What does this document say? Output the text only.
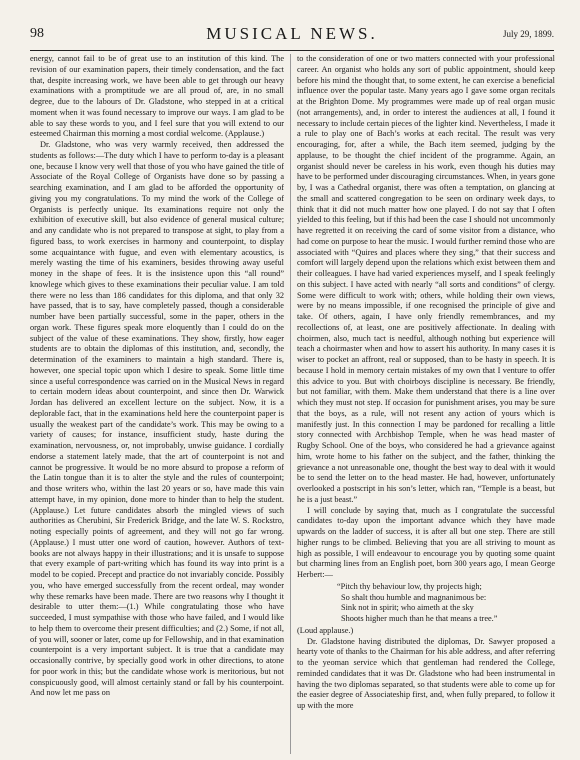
98	MUSICAL NEWS.	July 29, 1899.

energy, cannot fail to be of great use to an institution of this kind. The revision of our examination papers, their timely condensation, and the fact that, despite increasing work, we have been able to get through our heavy examinations with a promptitude we are all proud of, are, in no small degree, due to the labours of Dr. Gladstone, who stepped in at a critical moment when it was found necessary to improve our ways. I am glad to be able to say these words to you, and I feel sure that you will extend to our esteemed Chairman this morning a most cordial welcome. (Applause.)

Dr. Gladstone, who was very warmly received, then addressed the students as follows:—The duty which I have to perform to-day is a pleasant one, because I know very well that those of you who have gained the title of Associate of the Royal College of Organists have done so by passing a searching examination, and I am glad to be afforded the opportunity of giving you my congratulations. To my mind the work of the College of Organists is perfectly unique. Its examinations require not only the exhibition of executive skill, but also evidence of general musical culture; and any candidate who is not prepared to transpose at sight, to play from a figured bass, to work exercises in harmony and counterpoint, to display some acquaintance with fugue, and even with elementary acoustics, is merely wasting the time of his examiners, besides throwing away useful money in the shape of fees. It is the insistence upon this “all round” knowlege which gives to these examinations their peculiar value. I am told there were no less than 186 candidates for this diploma, and that only 32 have passed, that is to say, have completely passed, though a considerable number have been partially successful, some in the paper, others in the organ work. These figures speak more eloquently than I could do on the subject of the value of these examinations. They show, firstly, how eager students are to obtain the diplomas of this institution, and, secondly, the determination of the examiners to maintain a high standard. There is, however, one special topic upon which I desire to speak. Some little time since a useful correspondence was carried on in the Musical News in regard to certain modern ideas about counterpoint, and since then Dr. Warwick Jordan has delivered an excellent lecture on the subject. Now, it is a deplorable fact, that in the examinations held here the counterpoint paper is usually the weakest part of the candidate’s work. This may be owing to a variety of causes; for instance, insufficient study, haste during the examination, nervousness, or, not improbably, unwise guidance. I cordially endorse a statement lately made, that the art of counterpoint is not and cannot be progressive. It would be no more absurd to propose a reform of the Latin tongue than it is to alter the style and the rules of counterpoint; and those writers who, within the last 20 years or so, have made this vain attempt have, in my opinion, done more to hinder than to help the student. (Applause.) Let future candidates absorb the mingled views of such authorities as Cherubini, Sir Frederick Bridge, and the late W. S. Rockstro, noting especially points of agreement, and they will not go far wrong. (Applause.) I must utter one word of caution, however. Authors of text-books are not always happy in their illustrations; and it is unsafe to suppose that every example of part-writing which has found its way into print is a model to be copied. Precept and practice do not invariably concide. Possibly you, who have emerged successfully from the recent ordeal, may wonder why these remarks have been made. There are two reasons why I thought it desirable to utter them:—(1.) While congratulating those who have succeeded, I must sympathise with those who have failed, and I would like to help them to overcome their present difficulties; and (2.) Some, if not all, of you will, sooner or later, come up for Fellowship, and in that examination counterpoint is a very important subject. It is true that a candidate may occasionally contrive, by specially good work in other directions, to atone for poor work in this; but the candidate whose work is meritorious, but not conspicuously good, will almost certainly stand or fall by his counterpoint. And now let me pass on

to the consideration of one or two matters connected with your professional career. An organist who holds any sort of public appointment, should keep before his mind the thought that, to some extent, he can exercise a beneficial influence over the popular taste. Many years ago I gave some organ recitals at the Brighton Dome. My programmes were made up of real organ music (not arrangements), and, in order to interest the audiences at all, I found it necessary to include certain pieces of the lighter kind. Nevertheless, I made it a rule to play one of Bach’s works at each recital. The result was very encouraging, for, after a while, the Bach item seemed, judging by the applause, to be thought the chief incident of the programme. Again, an organist should never be careless in his work, even though his duties may have to be performed under discouraging circumstances. When, in years gone by, I was a Cathedral organist, there was often a temptation, on glancing at the small and scattered congregation to be seen on ordinary week days, to think that it did not much matter how one played. I do not say that I often yielded to this feeling, but if this had been the case I should not uncommonly have regretted it on receiving the card of some visitor from a distance, who had come on purpose to hear the music. I would further remind those who are associated with “Quires and places where they sing,” that their success and comfort will largely depend upon the relations which exist between them and their colleagues. I have had varied experiences myself, and I speak feelingly on this subject. I have acted with nearly “all sorts and conditions” of clergy. Some were difficult to work with; others, while holding their own views, were by no means impossible, if one recognised the principle of give and take. Of others, again, I have only friendly remembrances, and my recollections of, at least, one are positively affectionate. In dealing with choirmen, also, much tact is needful, although nothing but experience will teach a choirmaster when and how to assert his authority. In many cases it is wiser to pocket an affront, real or supposed, than to be hasty in speech. It is because I hold in memory certain mistakes of my own that I venture to offer this advice to you. But with choirboys discipline is necessary. Be friendly, but not familiar, with them. Make them understand that there is a line over which they must not step. If occasion for punishment arises, you may be sure that the boys, as a rule, will not resent any action of yours which is manifestly just. In this connection I may be pardoned for recalling a little story connected with Archbishop Temple, when he was head master of Rugby School. One of the boys, who considered he had a grievance against him, wrote home to his father on the subject, and the father, thinking the grievance a not unreasonable one, thought the best way to deal with it would be to send the letter on to the head master. He had, however, unfortunately overlooked a postscript in his son’s letter, which ran, “Temple is a beast, but he is a just beast.”

I will conclude by saying that, much as I congratulate the successful candidates to-day upon the important advance which they have made upwards on the ladder of success, it is after all but one step. There are still higher rungs to be climbed. Believing that you are all striving to mount as high as possible, I will endeavour to encourage you by quoting some quaint but charming lines from an English poet, born 300 years ago, I mean George Herbert:—

“Pitch thy behaviour low, thy projects high;
So shalt thou humble and magnanimous be:
Sink not in spirit; who aimeth at the sky
Shoots higher much than he that means a tree.”

(Loud applause.)

Dr. Gladstone having distributed the diplomas, Dr. Sawyer proposed a hearty vote of thanks to the Chairman for his able address, and after referring to the yeoman service which that gentleman had rendered the College, reminded candidates that it was Dr. Gladstone who had been instrumental in having the two diplomas separated, so that students were able to come up for the easier degree of Associateship first, and, when fully prepared, to follow it up with the more
